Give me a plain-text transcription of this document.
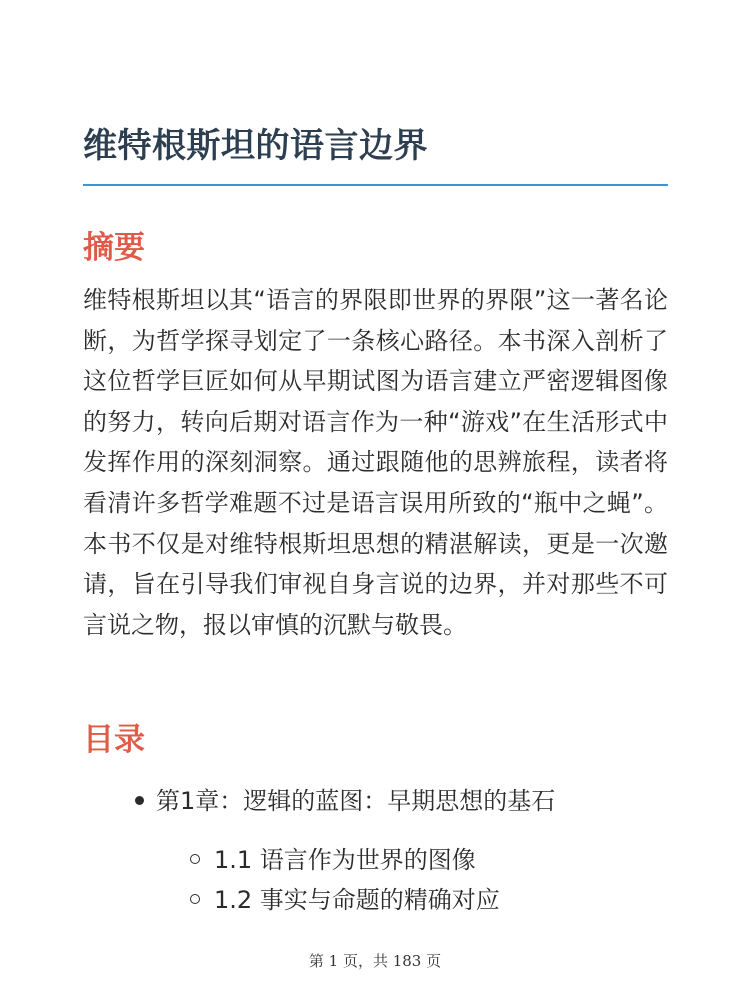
维特根斯坦的语言边界
摘要

维特根斯坦以其“语言的界限即世界的界限”这一著名论断，为哲学探寻划定了一条核心路径。本书深入剖析了这位哲学巨匠如何从早期试图为语言建立严密逻辑图像的努力，转向后期对语言作为一种“游戏”在生活形式中发挥作用的深刻洞察。通过跟随他的思辨旅程，读者将看清许多哲学难题不过是语言误用所致的“瓶中之蝇”。本书不仅是对维特根斯坦思想的精湛解读，更是一次邀请，旨在引导我们审视自身言说的边界，并对那些不可言说之物，报以审慎的沉默与敬畏。

目录
第1章：逻辑的蓝图：早期思想的基石
1.1 语言作为世界的图像
1.2 事实与命题的精确对应
第 1 页，共 183 页
